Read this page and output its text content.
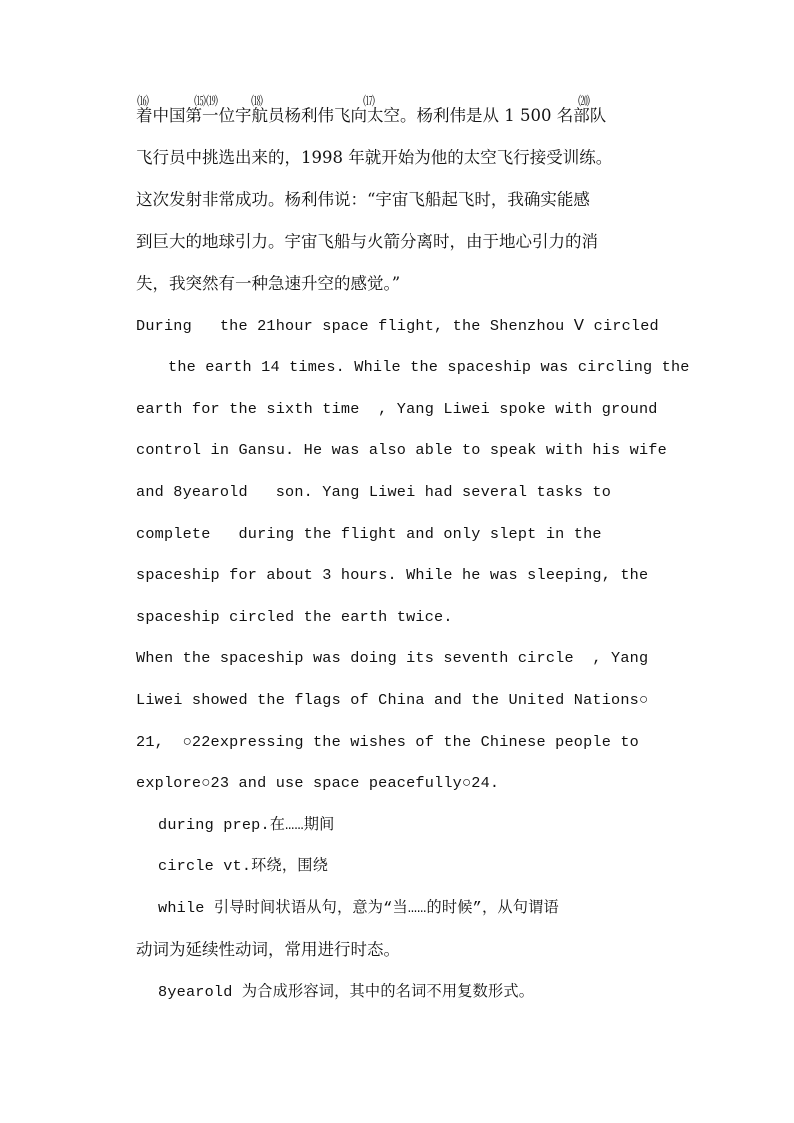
⒃	⒂⒆	⒅	⒄	⒇
着中国第一位宇航员杨利伟飞向太空。杨利伟是从 1 500 名部队
飞行员中挑选出来的，1998 年就开始为他的太空飞行接受训练。
这次发射非常成功。杨利伟说：“宇宙飞船起飞时，我确实能感
到巨大的地球引力。宇宙飞船与火箭分离时，由于地心引力的消
失，我突然有一种急速升空的感觉。”
During   the 21hour space flight, the Shenzhou Ⅴ circled
the earth 14 times. While the spaceship was circling the
earth for the sixth time  , Yang Liwei spoke with ground
control in Gansu. He was also able to speak with his wife
and 8yearold   son. Yang Liwei had several tasks to
complete   during the flight and only slept in the
spaceship for about 3 hours. While he was sleeping, the
spaceship circled the earth twice.
When the spaceship was doing its seventh circle  , Yang
Liwei showed the flags of China and the United Nations○
21,  ○22expressing the wishes of the Chinese people to
explore○23 and use space peacefully○24.
during prep.在……期间
circle vt.环绕，围绕
while 引导时间状语从句，意为“当……的时候”，从句谓语
动词为延续性动词，常用进行时态。
8yearold 为合成形容词，其中的名词不用复数形式。
